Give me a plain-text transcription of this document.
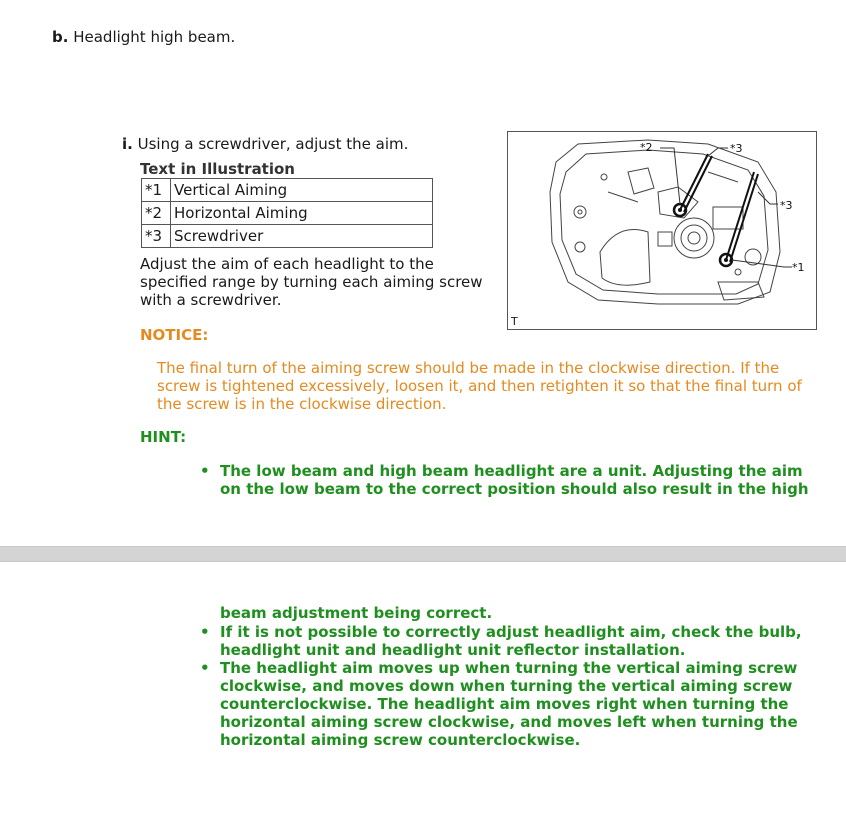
b. Headlight high beam.
i. Using a screwdriver, adjust the aim.
Text in Illustration
*1	Vertical Aiming
*2	Horizontal Aiming
*3	Screwdriver
Adjust the aim of each headlight to the specified range by turning each aiming screw with a screwdriver.
*2	*3
*3
*1
T
NOTICE:
The final turn of the aiming screw should be made in the clockwise direction. If the screw is tightened excessively, loosen it, and then retighten it so that the final turn of the screw is in the clockwise direction.
HINT:
• The low beam and high beam headlight are a unit. Adjusting the aim on the low beam to the correct position should also result in the high
beam adjustment being correct.
• If it is not possible to correctly adjust headlight aim, check the bulb, headlight unit and headlight unit reflector installation.
• The headlight aim moves up when turning the vertical aiming screw clockwise, and moves down when turning the vertical aiming screw counterclockwise. The headlight aim moves right when turning the horizontal aiming screw clockwise, and moves left when turning the horizontal aiming screw counterclockwise.
